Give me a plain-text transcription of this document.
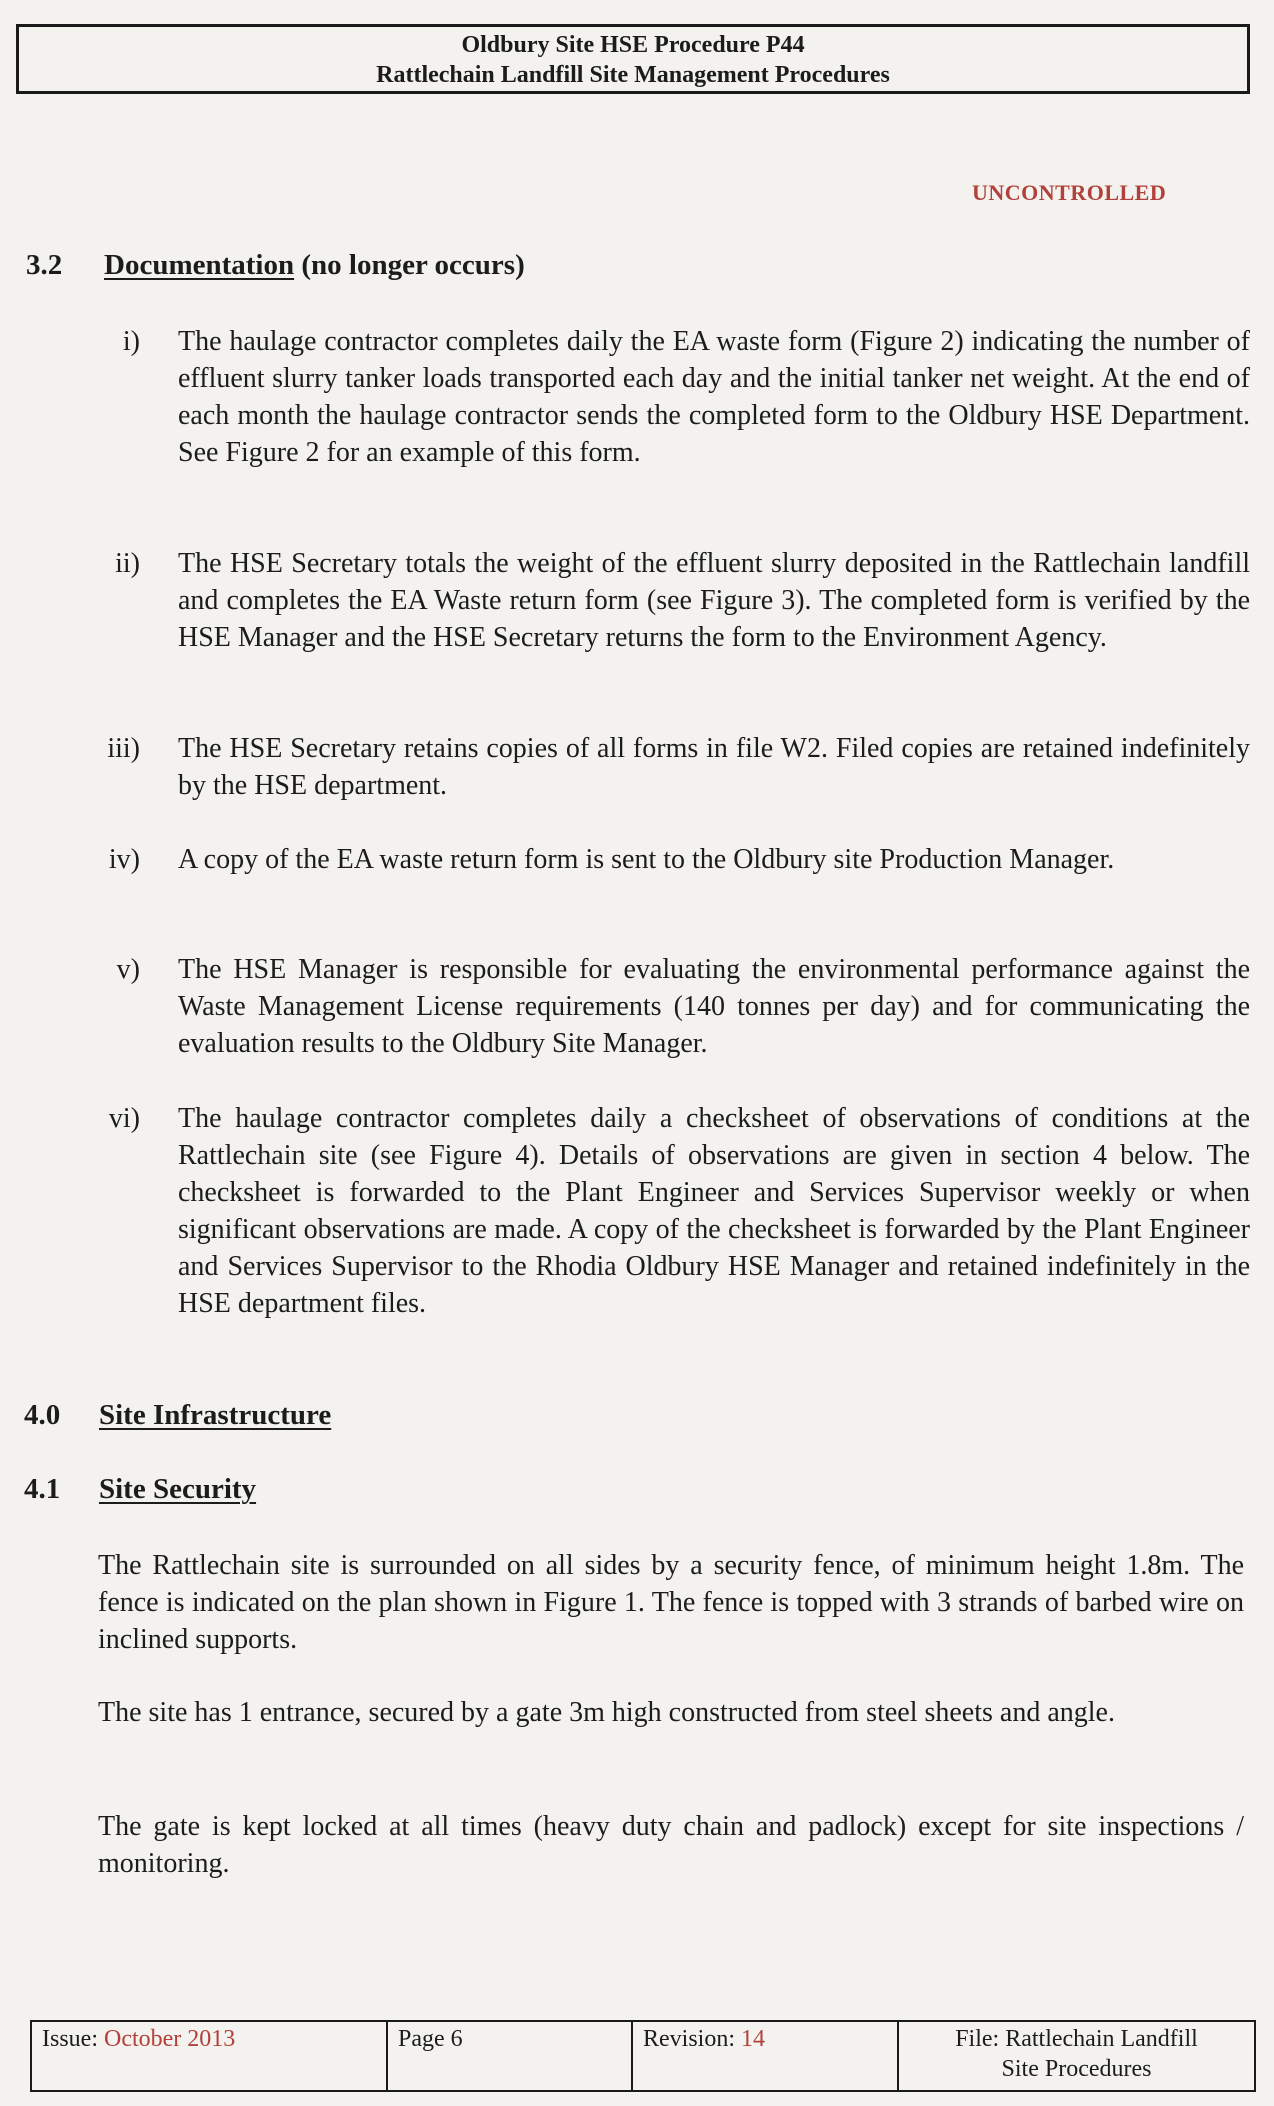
Oldbury Site HSE Procedure P44
Rattlechain Landfill Site Management Procedures
UNCONTROLLED
3.2 Documentation (no longer occurs)
i) The haulage contractor completes daily the EA waste form (Figure 2) indicating the number of effluent slurry tanker loads transported each day and the initial tanker net weight. At the end of each month the haulage contractor sends the completed form to the Oldbury HSE Department. See Figure 2 for an example of this form.
ii) The HSE Secretary totals the weight of the effluent slurry deposited in the Rattlechain landfill and completes the EA Waste return form (see Figure 3). The completed form is verified by the HSE Manager and the HSE Secretary returns the form to the Environment Agency.
iii) The HSE Secretary retains copies of all forms in file W2. Filed copies are retained indefinitely by the HSE department.
iv) A copy of the EA waste return form is sent to the Oldbury site Production Manager.
v) The HSE Manager is responsible for evaluating the environmental performance against the Waste Management License requirements (140 tonnes per day) and for communicating the evaluation results to the Oldbury Site Manager.
vi) The haulage contractor completes daily a checksheet of observations of conditions at the Rattlechain site (see Figure 4). Details of observations are given in section 4 below. The checksheet is forwarded to the Plant Engineer and Services Supervisor weekly or when significant observations are made. A copy of the checksheet is forwarded by the Plant Engineer and Services Supervisor to the Rhodia Oldbury HSE Manager and retained indefinitely in the HSE department files.
4.0 Site Infrastructure
4.1 Site Security
The Rattlechain site is surrounded on all sides by a security fence, of minimum height 1.8m. The fence is indicated on the plan shown in Figure 1. The fence is topped with 3 strands of barbed wire on inclined supports.
The site has 1 entrance, secured by a gate 3m high constructed from steel sheets and angle.
The gate is kept locked at all times (heavy duty chain and padlock) except for site inspections / monitoring.
Issue: October 2013	Page 6	Revision: 14	File: Rattlechain Landfill
Site Procedures
